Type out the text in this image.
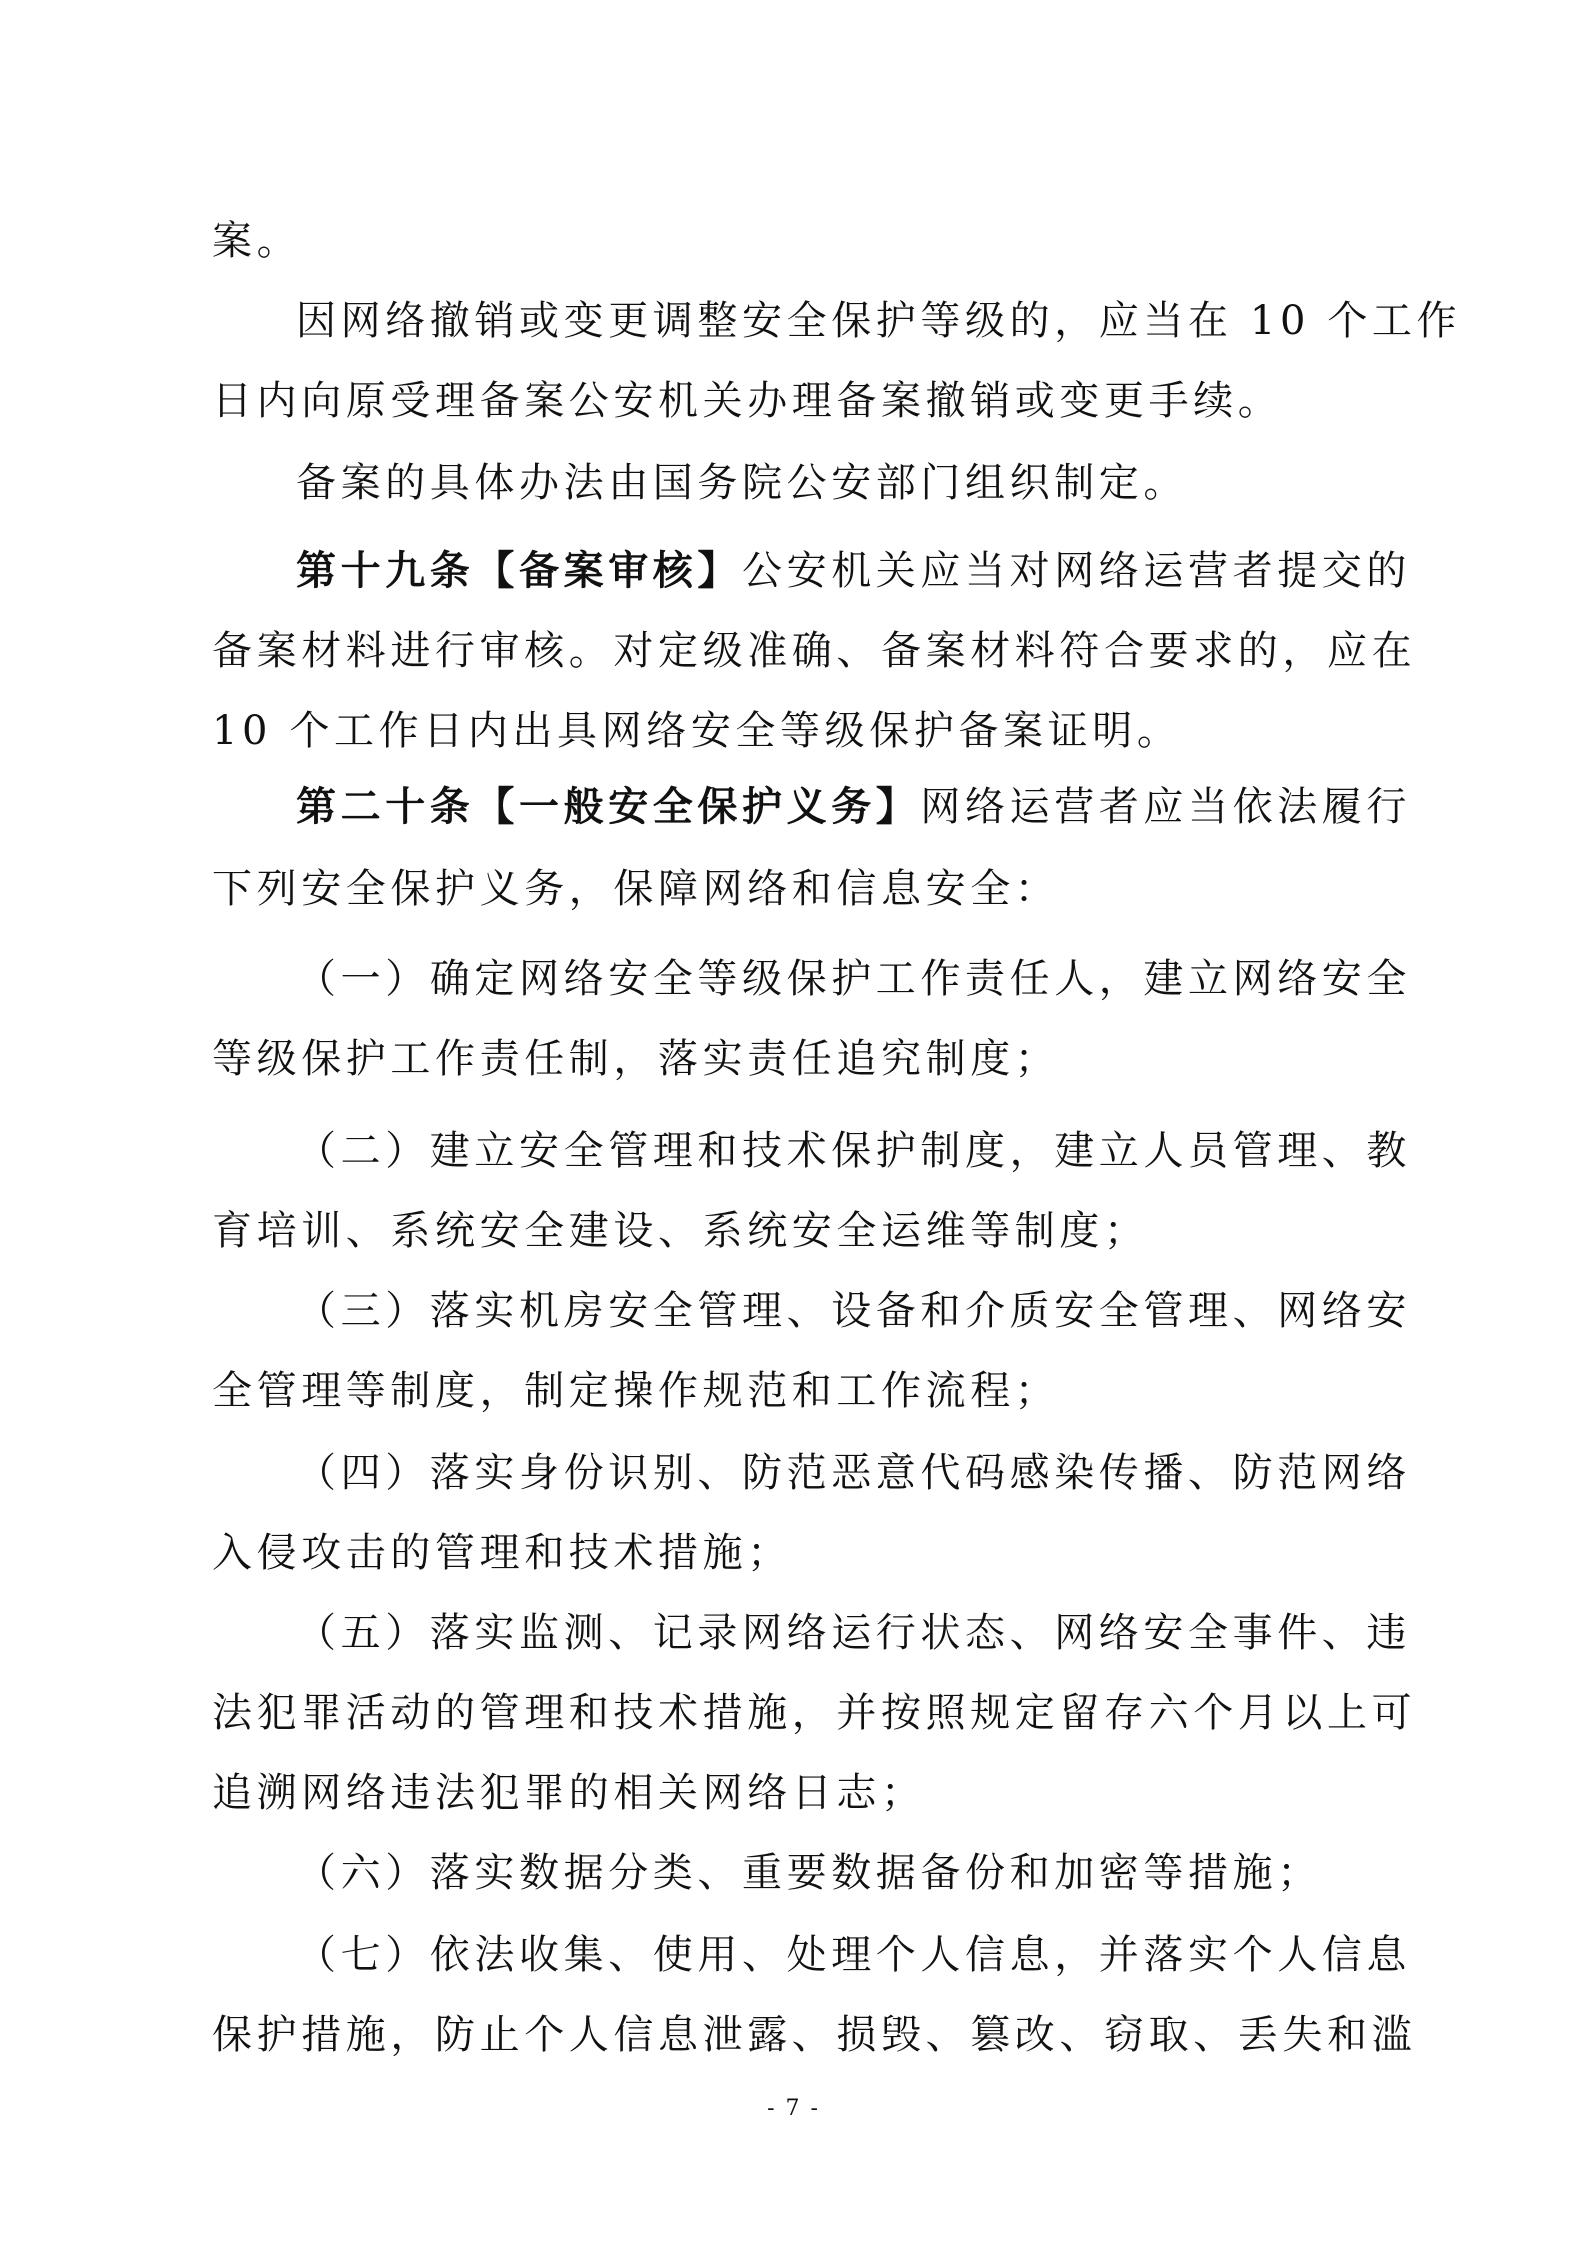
案。
因网络撤销或变更调整安全保护等级的，应当在 10 个工作
日内向原受理备案公安机关办理备案撤销或变更手续。
备案的具体办法由国务院公安部门组织制定。
第十九条【备案审核】公安机关应当对网络运营者提交的
备案材料进行审核。对定级准确、备案材料符合要求的，应在
10 个工作日内出具网络安全等级保护备案证明。
第二十条【一般安全保护义务】网络运营者应当依法履行
下列安全保护义务，保障网络和信息安全：
（一）确定网络安全等级保护工作责任人，建立网络安全
等级保护工作责任制，落实责任追究制度；
（二）建立安全管理和技术保护制度，建立人员管理、教
育培训、系统安全建设、系统安全运维等制度；
（三）落实机房安全管理、设备和介质安全管理、网络安
全管理等制度，制定操作规范和工作流程；
（四）落实身份识别、防范恶意代码感染传播、防范网络
入侵攻击的管理和技术措施；
（五）落实监测、记录网络运行状态、网络安全事件、违
法犯罪活动的管理和技术措施，并按照规定留存六个月以上可
追溯网络违法犯罪的相关网络日志；
（六）落实数据分类、重要数据备份和加密等措施；
（七）依法收集、使用、处理个人信息，并落实个人信息
保护措施，防止个人信息泄露、损毁、篡改、窃取、丢失和滥
- 7 -
